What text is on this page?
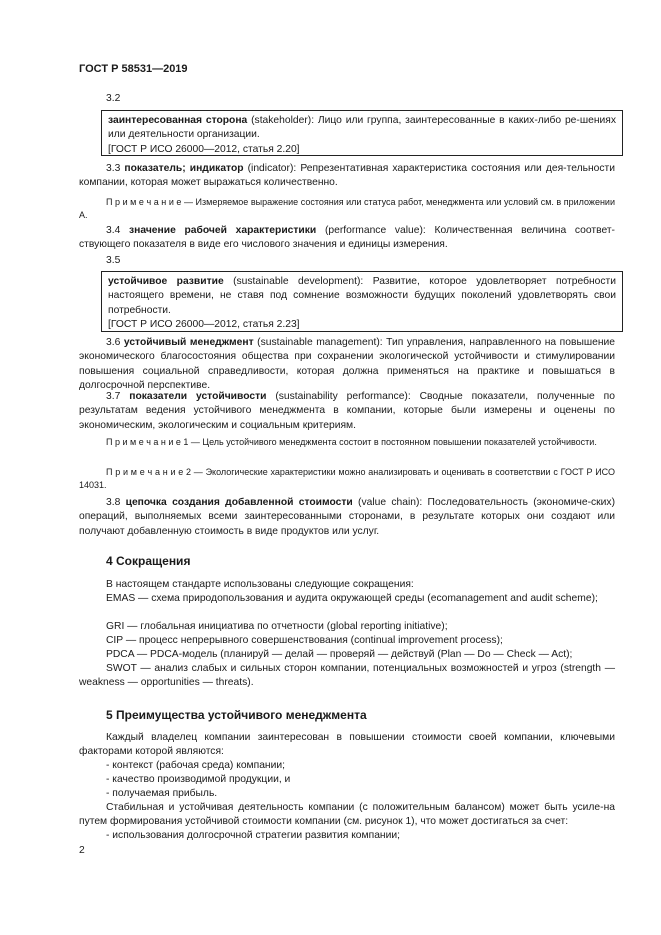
ГОСТ Р 58531—2019
3.2
заинтересованная сторона (stakeholder): Лицо или группа, заинтересованные в каких-либо ре-шениях или деятельности организации.
[ГОСТ Р ИСО 26000—2012, статья 2.20]
3.3 показатель; индикатор (indicator): Репрезентативная характеристика состояния или дея-тельности компании, которая может выражаться количественно.
П р и м е ч а н и е — Измеряемое выражение состояния или статуса работ, менеджмента или условий см. в приложении А.
3.4 значение рабочей характеристики (performance value): Количественная величина соответ-ствующего показателя в виде его числового значения и единицы измерения.
3.5
устойчивое развитие (sustainable development): Развитие, которое удовлетворяет потребности настоящего времени, не ставя под сомнение возможности будущих поколений удовлетворять свои потребности.
[ГОСТ Р ИСО 26000—2012, статья 2.23]
3.6 устойчивый менеджмент (sustainable management): Тип управления, направленного на повышение экономического благосостояния общества при сохранении экологической устойчивости и стимулировании повышения социальной справедливости, которая должна применяться на практике и повышаться в долгосрочной перспективе.
3.7 показатели устойчивости (sustainability performance): Сводные показатели, полученные по результатам ведения устойчивого менеджмента в компании, которые были измерены и оценены по экономическим, экологическим и социальным критериям.
П р и м е ч а н и е 1 — Цель устойчивого менеджмента состоит в постоянном повышении показателей устойчивости.
П р и м е ч а н и е 2 — Экологические характеристики можно анализировать и оценивать в соответствии с ГОСТ Р ИСО 14031.
3.8 цепочка создания добавленной стоимости (value chain): Последовательность (экономиче-ских) операций, выполняемых всеми заинтересованными сторонами, в результате которых они создают или получают добавленную стоимость в виде продуктов или услуг.
4 Сокращения
В настоящем стандарте использованы следующие сокращения:
EMAS — схема природопользования и аудита окружающей среды (ecomanagement and audit scheme);
GRI — глобальная инициатива по отчетности (global reporting initiative);
CIP — процесс непрерывного совершенствования (continual improvement process);
PDCA — PDCA-модель (планируй — делай — проверяй — действуй (Plan — Do — Check — Act);
SWOT — анализ слабых и сильных сторон компании, потенциальных возможностей и угроз (strength — weakness — opportunities — threats).
5 Преимущества устойчивого менеджмента
Каждый владелец компании заинтересован в повышении стоимости своей компании, ключевыми факторами которой являются:
- контекст (рабочая среда) компании;
- качество производимой продукции, и
- получаемая прибыль.
Стабильная и устойчивая деятельность компании (с положительным балансом) может быть усиле-на путем формирования устойчивой стоимости компании (см. рисунок 1), что может достигаться за счет:
- использования долгосрочной стратегии развития компании;
2
